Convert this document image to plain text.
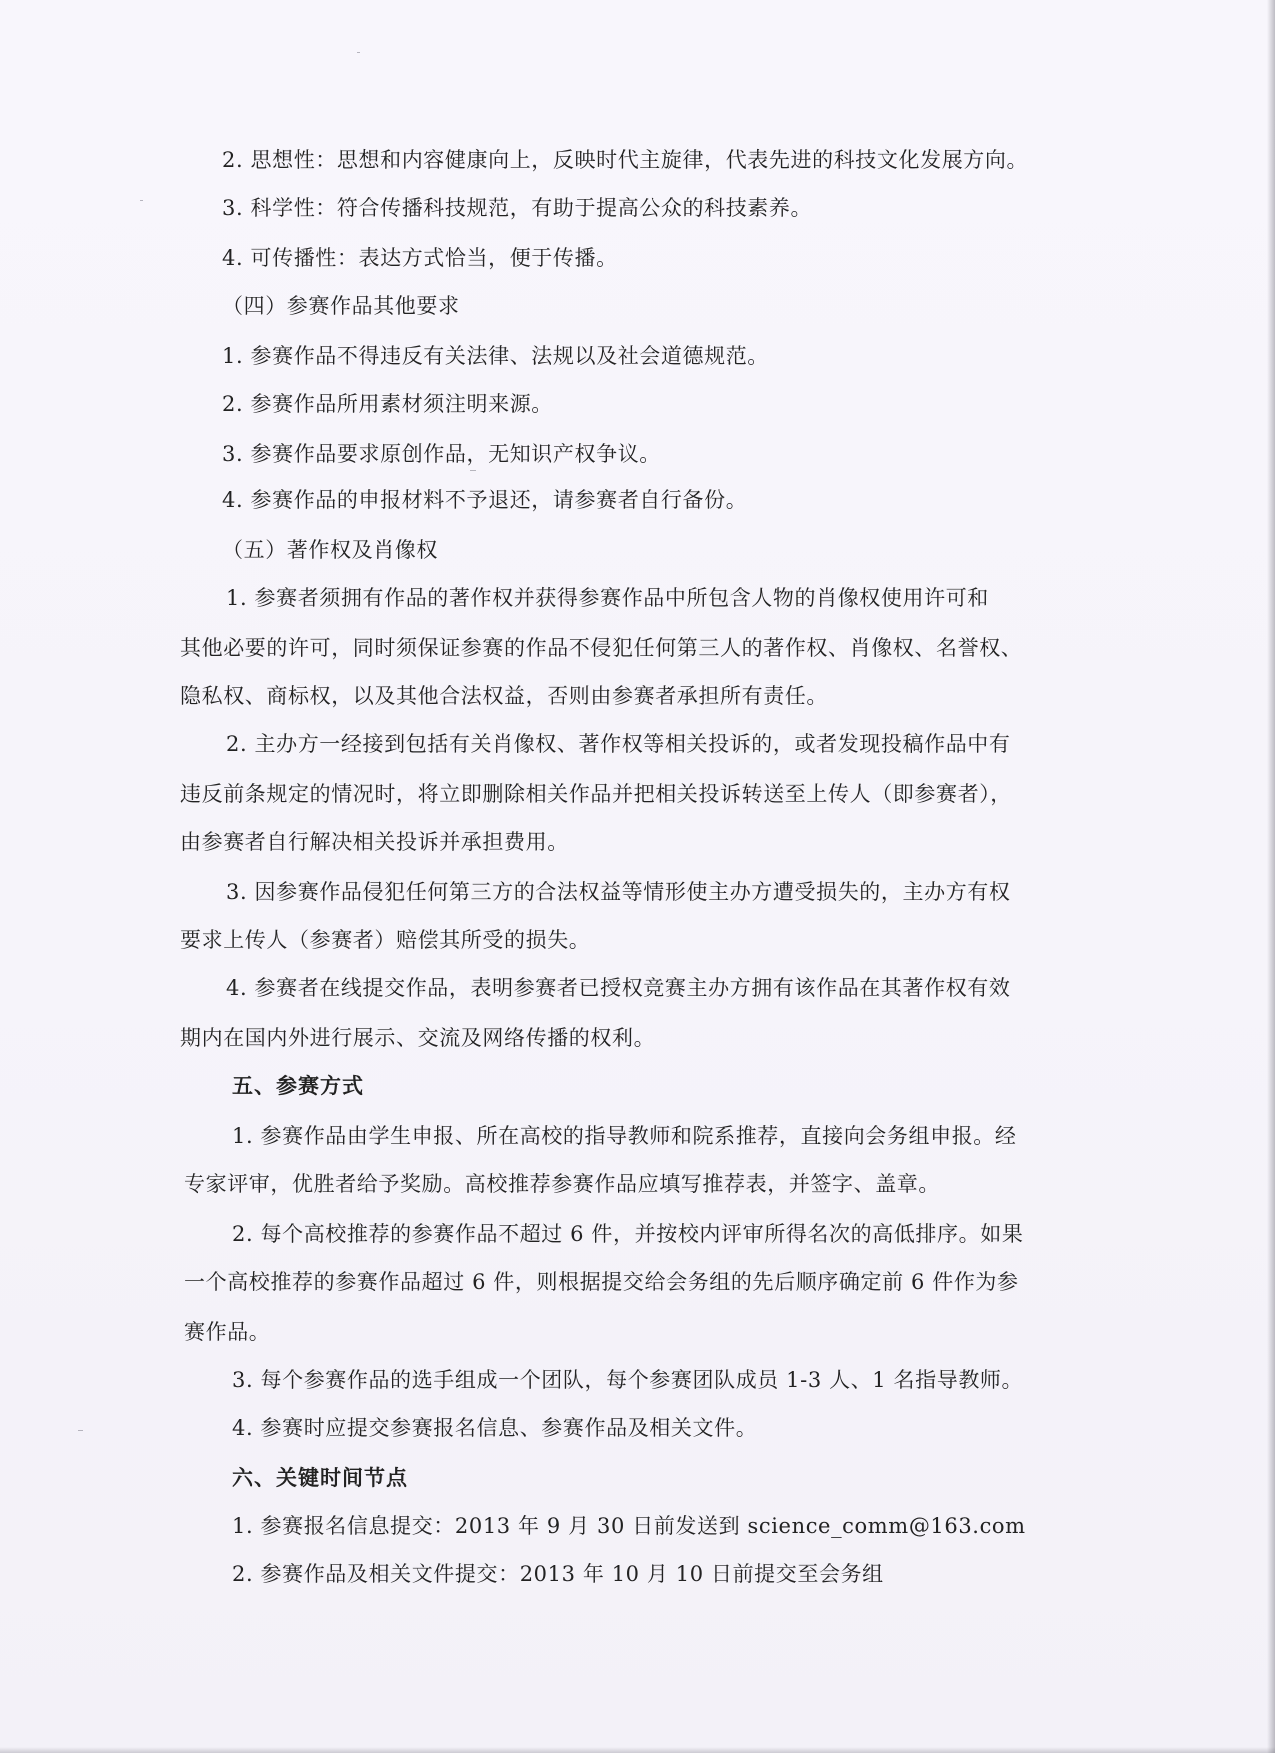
2. 思想性：思想和内容健康向上，反映时代主旋律，代表先进的科技文化发展方向。
3. 科学性：符合传播科技规范，有助于提高公众的科技素养。
4. 可传播性：表达方式恰当，便于传播。
（四）参赛作品其他要求
1. 参赛作品不得违反有关法律、法规以及社会道德规范。
2. 参赛作品所用素材须注明来源。
3. 参赛作品要求原创作品，无知识产权争议。
4. 参赛作品的申报材料不予退还，请参赛者自行备份。
（五）著作权及肖像权
1. 参赛者须拥有作品的著作权并获得参赛作品中所包含人物的肖像权使用许可和
其他必要的许可，同时须保证参赛的作品不侵犯任何第三人的著作权、肖像权、名誉权、
隐私权、商标权，以及其他合法权益，否则由参赛者承担所有责任。
2. 主办方一经接到包括有关肖像权、著作权等相关投诉的，或者发现投稿作品中有
违反前条规定的情况时，将立即删除相关作品并把相关投诉转送至上传人（即参赛者），
由参赛者自行解决相关投诉并承担费用。
3. 因参赛作品侵犯任何第三方的合法权益等情形使主办方遭受损失的，主办方有权
要求上传人（参赛者）赔偿其所受的损失。
4. 参赛者在线提交作品，表明参赛者已授权竞赛主办方拥有该作品在其著作权有效
期内在国内外进行展示、交流及网络传播的权利。
五、参赛方式
1. 参赛作品由学生申报、所在高校的指导教师和院系推荐，直接向会务组申报。经
专家评审，优胜者给予奖励。高校推荐参赛作品应填写推荐表，并签字、盖章。
2. 每个高校推荐的参赛作品不超过 6 件，并按校内评审所得名次的高低排序。如果
一个高校推荐的参赛作品超过 6 件，则根据提交给会务组的先后顺序确定前 6 件作为参
赛作品。
3. 每个参赛作品的选手组成一个团队，每个参赛团队成员 1-3 人、1 名指导教师。
4. 参赛时应提交参赛报名信息、参赛作品及相关文件。
六、关键时间节点
1. 参赛报名信息提交：2013 年 9 月 30 日前发送到 science_comm@163.com
2. 参赛作品及相关文件提交：2013 年 10 月 10 日前提交至会务组
